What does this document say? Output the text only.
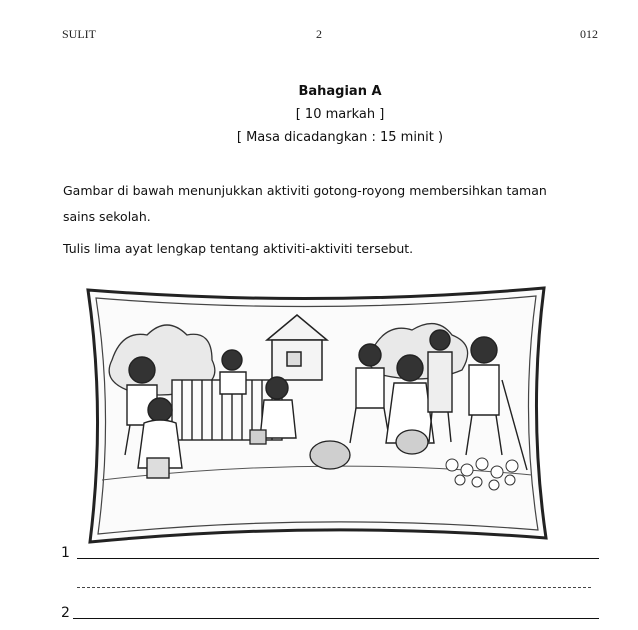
SULIT	2	012
Bahagian A
[ 10 markah ]
[ Masa dicadangkan : 15 minit )
Gambar di bawah menunjukkan aktiviti gotong-royong membersihkan taman
sains sekolah.
Tulis lima ayat lengkap tentang aktiviti-aktiviti tersebut.
1
2
